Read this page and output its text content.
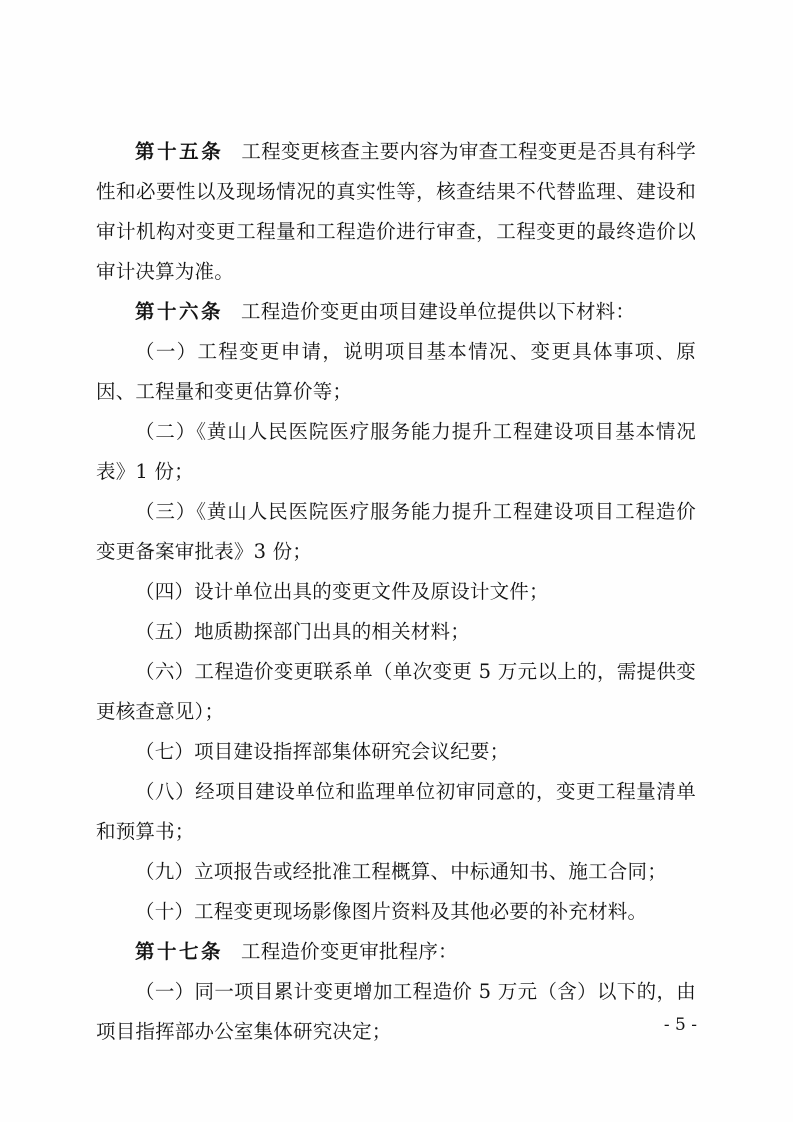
第十五条 工程变更核查主要内容为审查工程变更是否具有科学性和必要性以及现场情况的真实性等，核查结果不代替监理、建设和审计机构对变更工程量和工程造价进行审查，工程变更的最终造价以审计决算为准。

第十六条 工程造价变更由项目建设单位提供以下材料：

（一）工程变更申请，说明项目基本情况、变更具体事项、原因、工程量和变更估算价等；

（二）《黄山人民医院医疗服务能力提升工程建设项目基本情况表》1 份；

（三）《黄山人民医院医疗服务能力提升工程建设项目工程造价变更备案审批表》3 份；

（四）设计单位出具的变更文件及原设计文件；

（五）地质勘探部门出具的相关材料；

（六）工程造价变更联系单（单次变更 5 万元以上的，需提供变更核查意见）；

（七）项目建设指挥部集体研究会议纪要；

（八）经项目建设单位和监理单位初审同意的，变更工程量清单和预算书；

（九）立项报告或经批准工程概算、中标通知书、施工合同；

（十）工程变更现场影像图片资料及其他必要的补充材料。

第十七条 工程造价变更审批程序：

（一）同一项目累计变更增加工程造价 5 万元（含）以下的，由项目指挥部办公室集体研究决定；	- 5 -
